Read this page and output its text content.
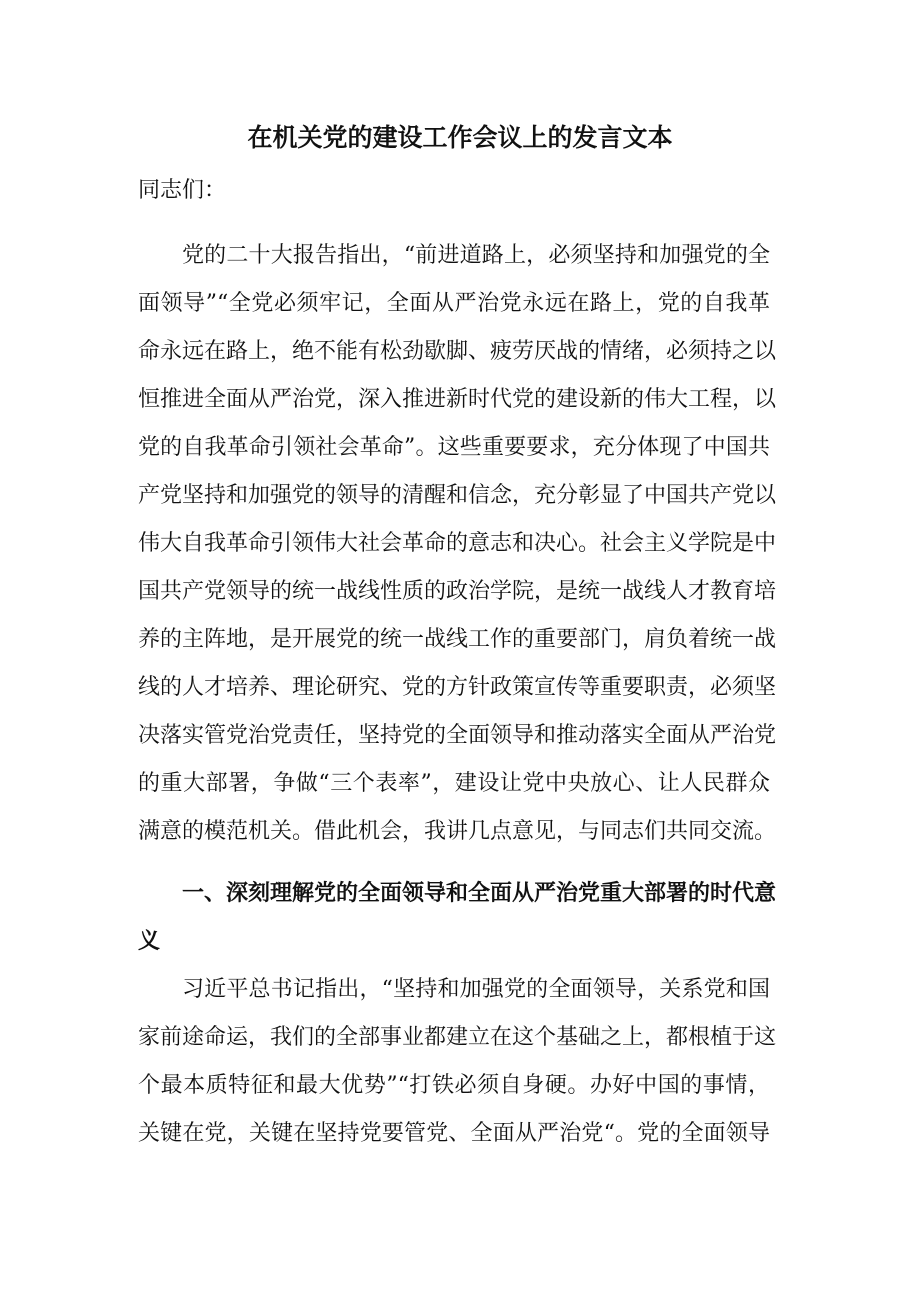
在机关党的建设工作会议上的发言文本

同志们：

党的二十大报告指出，“前进道路上，必须坚持和加强党的全
面领导”“全党必须牢记，全面从严治党永远在路上，党的自我革
命永远在路上，绝不能有松劲歇脚、疲劳厌战的情绪，必须持之以
恒推进全面从严治党，深入推进新时代党的建设新的伟大工程，以
党的自我革命引领社会革命”。这些重要要求，充分体现了中国共
产党坚持和加强党的领导的清醒和信念，充分彰显了中国共产党以
伟大自我革命引领伟大社会革命的意志和决心。社会主义学院是中
国共产党领导的统一战线性质的政治学院，是统一战线人才教育培
养的主阵地，是开展党的统一战线工作的重要部门，肩负着统一战
线的人才培养、理论研究、党的方针政策宣传等重要职责，必须坚
决落实管党治党责任，坚持党的全面领导和推动落实全面从严治党
的重大部署，争做“三个表率”，建设让党中央放心、让人民群众
满意的模范机关。借此机会，我讲几点意见，与同志们共同交流。
一、深刻理解党的全面领导和全面从严治党重大部署的时代意
义
习近平总书记指出，“坚持和加强党的全面领导，关系党和国
家前途命运，我们的全部事业都建立在这个基础之上，都根植于这
个最本质特征和最大优势”“打铁必须自身硬。办好中国的事情，
关键在党，关键在坚持党要管党、全面从严治党“。党的全面领导
